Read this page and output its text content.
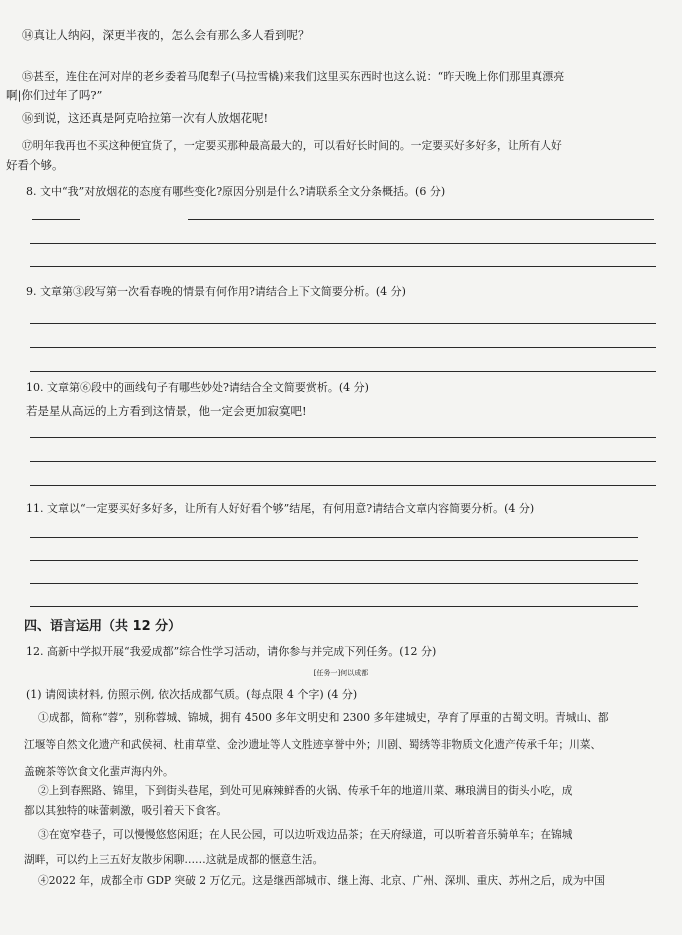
⑭真让人纳闷，深更半夜的，怎么会有那么多人看到呢？
⑮甚至，连住在河对岸的老乡委着马爬犁子(马拉雪橇)来我们这里买东西时也这么说：“昨天晚上你们那里真漂亮
啊|你们过年了吗?”
⑯到说，这还真是阿克哈拉第一次有人放烟花呢!
⑰明年我再也不买这种便宜货了，一定要买那种最高最大的，可以看好长时间的。一定要买好多好多，让所有人好
好看个够。
8. 文中“我”对放烟花的态度有哪些变化?原因分别是什么?请联系全文分条概括。(6 分)
9. 文章第③段写第一次看春晚的情景有何作用?请结合上下文简要分析。(4 分)
10. 文章第⑥段中的画线句子有哪些妙处?请结合全文简要赏析。(4 分)
若是星从高远的上方看到这情景，他一定会更加寂寞吧!
11. 文章以“一定要买好多好多，让所有人好好看个够”结尾，有何用意?请结合文章内容简要分析。(4 分)
四、语言运用（共 12 分）
12. 高新中学拟开展“我爱成都”综合性学习活动，请你参与并完成下列任务。(12 分)
[任务一]何以成都
(1) 请阅读材料, 仿照示例, 依次括成都气质。(每点限 4 个字) (4 分)
①成都，简称“蓉”，别称蓉城、锦城，拥有 4500 多年文明史和 2300 多年建城史，孕育了厚重的古蜀文明。青城山、都
江堰等自然文化遗产和武侯祠、杜甫草堂、金沙遗址等人文胜迹享誉中外；川剧、蜀绣等非物质文化遗产传承千年；川菜、
盖碗茶等饮食文化蜚声海内外。
②上到春熙路、锦里，下到街头巷尾，到处可见麻辣鲜香的火锅、传承千年的地道川菜、琳琅满目的街头小吃，成
都以其独特的味蕾刺激，吸引着天下食客。
③在宽窄巷子，可以慢慢悠悠闲逛；在人民公园，可以边听戏边品茶；在天府绿道，可以听着音乐骑单车；在锦城
湖畔，可以约上三五好友散步闲聊……这就是成都的惬意生活。
④2022 年，成都全市 GDP 突破 2 万亿元。这是继西部城市、继上海、北京、广州、深圳、重庆、苏州之后，成为中国
